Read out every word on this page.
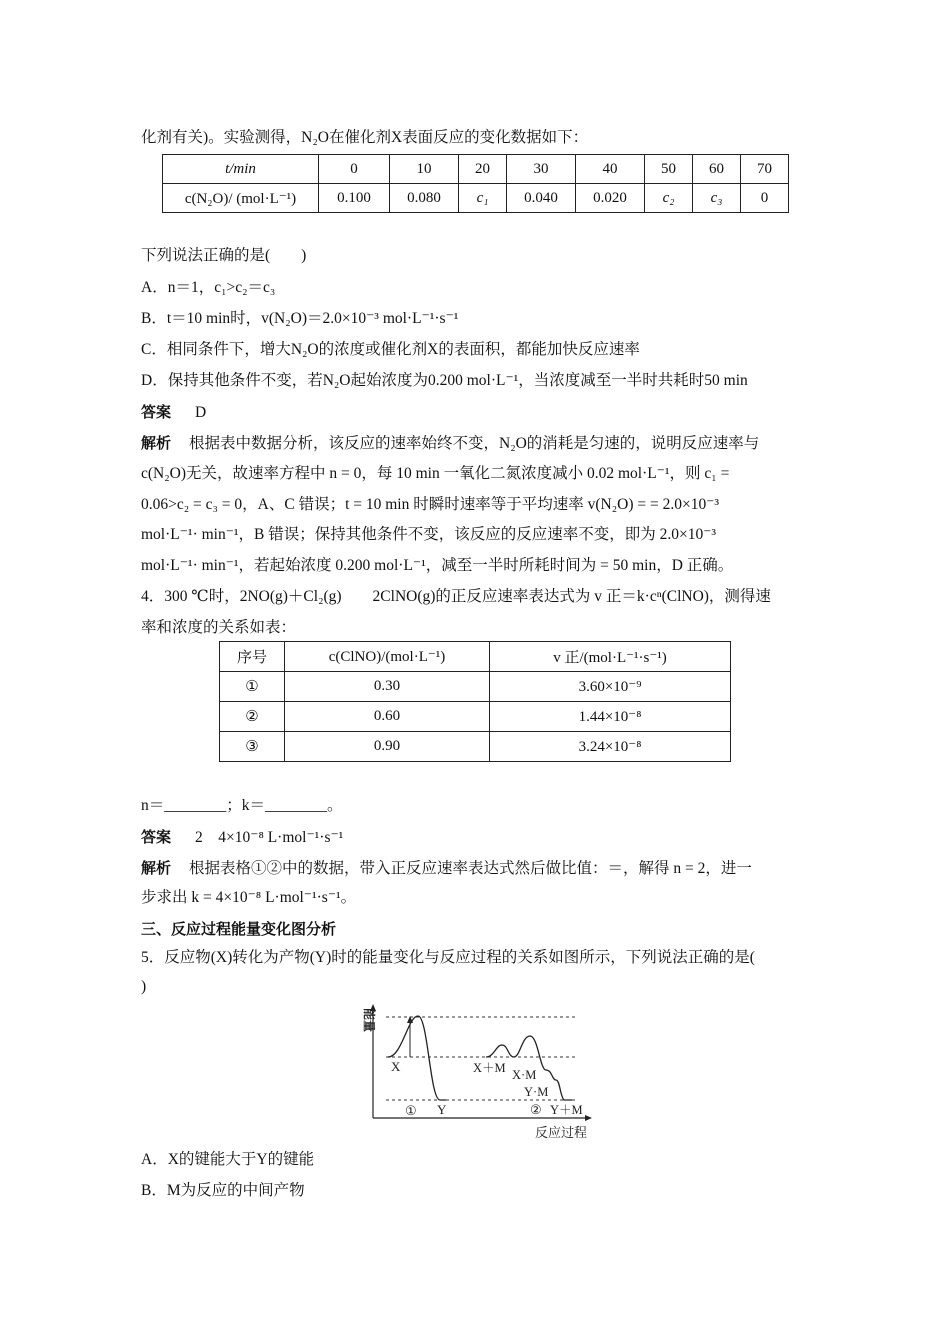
化剂有关)。实验测得，N₂O在催化剂X表面反应的变化数据如下：
t/min	0	10	20	30	40	50	60	70
c(N₂O)/ (mol·L⁻¹)	0.100	0.080	c₁	0.040	0.020	c₂	c₃	0
下列说法正确的是(　　)
A．n＝1，c₁>c₂＝c₃
B．t＝10 min时，v(N₂O)＝2.0×10⁻³ mol·L⁻¹·s⁻¹
C．相同条件下，增大N₂O的浓度或催化剂X的表面积，都能加快反应速率
D．保持其他条件不变，若N₂O起始浓度为0.200 mol·L⁻¹，当浓度减至一半时共耗时50 min
答案 D
解析 根据表中数据分析，该反应的速率始终不变，N₂O的消耗是匀速的，说明反应速率与
c(N₂O)无关，故速率方程中 n = 0，每 10 min 一氧化二氮浓度减小 0.02 mol·L⁻¹，则 c₁ =
0.06>c₂ = c₃ = 0，A、C 错误；t = 10 min 时瞬时速率等于平均速率 v(N₂O) = = 2.0×10⁻³
mol·L⁻¹· min⁻¹，B 错误；保持其他条件不变，该反应的反应速率不变，即为 2.0×10⁻³
mol·L⁻¹· min⁻¹，若起始浓度 0.200 mol·L⁻¹，减至一半时所耗时间为 = 50 min，D 正确。
4．300 ℃时，2NO(g)＋Cl₂(g)　　2ClNO(g)的正反应速率表达式为 v 正＝k·cⁿ(ClNO)，测得速
率和浓度的关系如表：
序号	c(ClNO)/(mol·L⁻¹)	v 正/(mol·L⁻¹·s⁻¹)
①	0.30	3.60×10⁻⁹
②	0.60	1.44×10⁻⁸
③	0.90	3.24×10⁻⁸
n＝________；k＝________。
答案 2　4×10⁻⁸ L·mol⁻¹·s⁻¹
解析 根据表格①②中的数据，带入正反应速率表达式然后做比值：＝，解得 n = 2，进一
步求出 k = 4×10⁻⁸ L·mol⁻¹·s⁻¹。
三、反应过程能量变化图分析
5．反应物(X)转化为产物(Y)时的能量变化与反应过程的关系如图所示，下列说法正确的是(
)
能量
反应过程
X
Y
①
X＋M X·M
Y·M
② Y＋M
A．X的键能大于Y的键能
B．M为反应的中间产物
